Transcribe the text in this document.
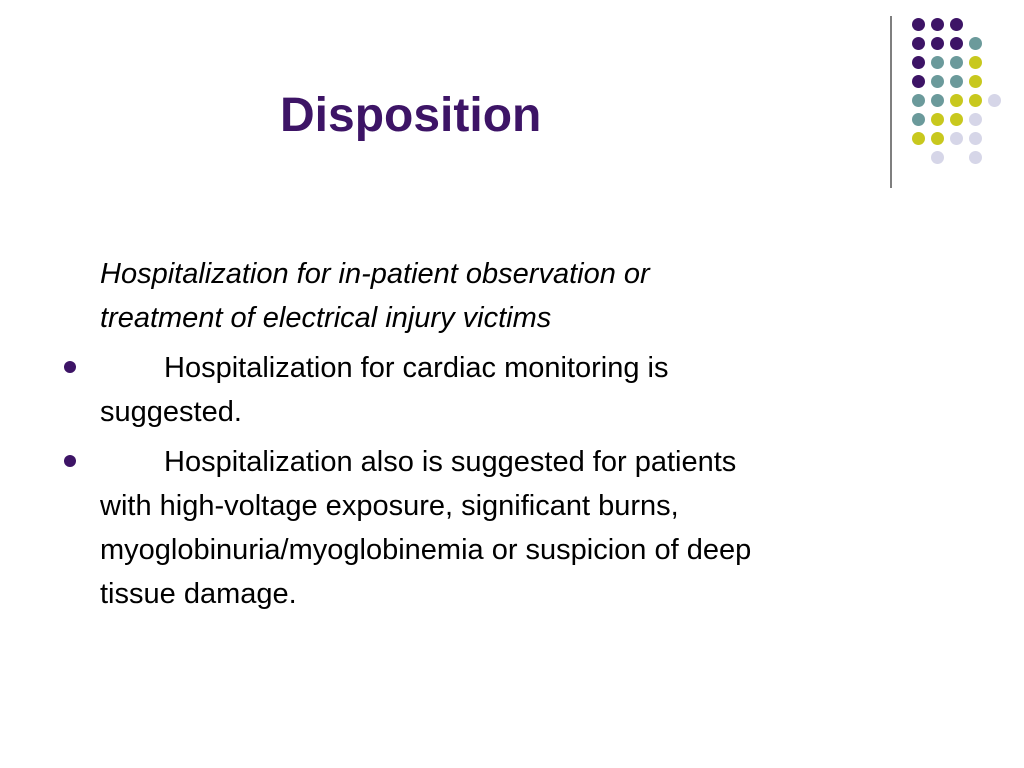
Disposition
Hospitalization for in-patient observation or
treatment of electrical injury victims
Hospitalization for cardiac monitoring is
suggested.
Hospitalization also is suggested for patients
with high-voltage exposure, significant burns,
myoglobinuria/myoglobinemia or suspicion of deep
tissue damage.
